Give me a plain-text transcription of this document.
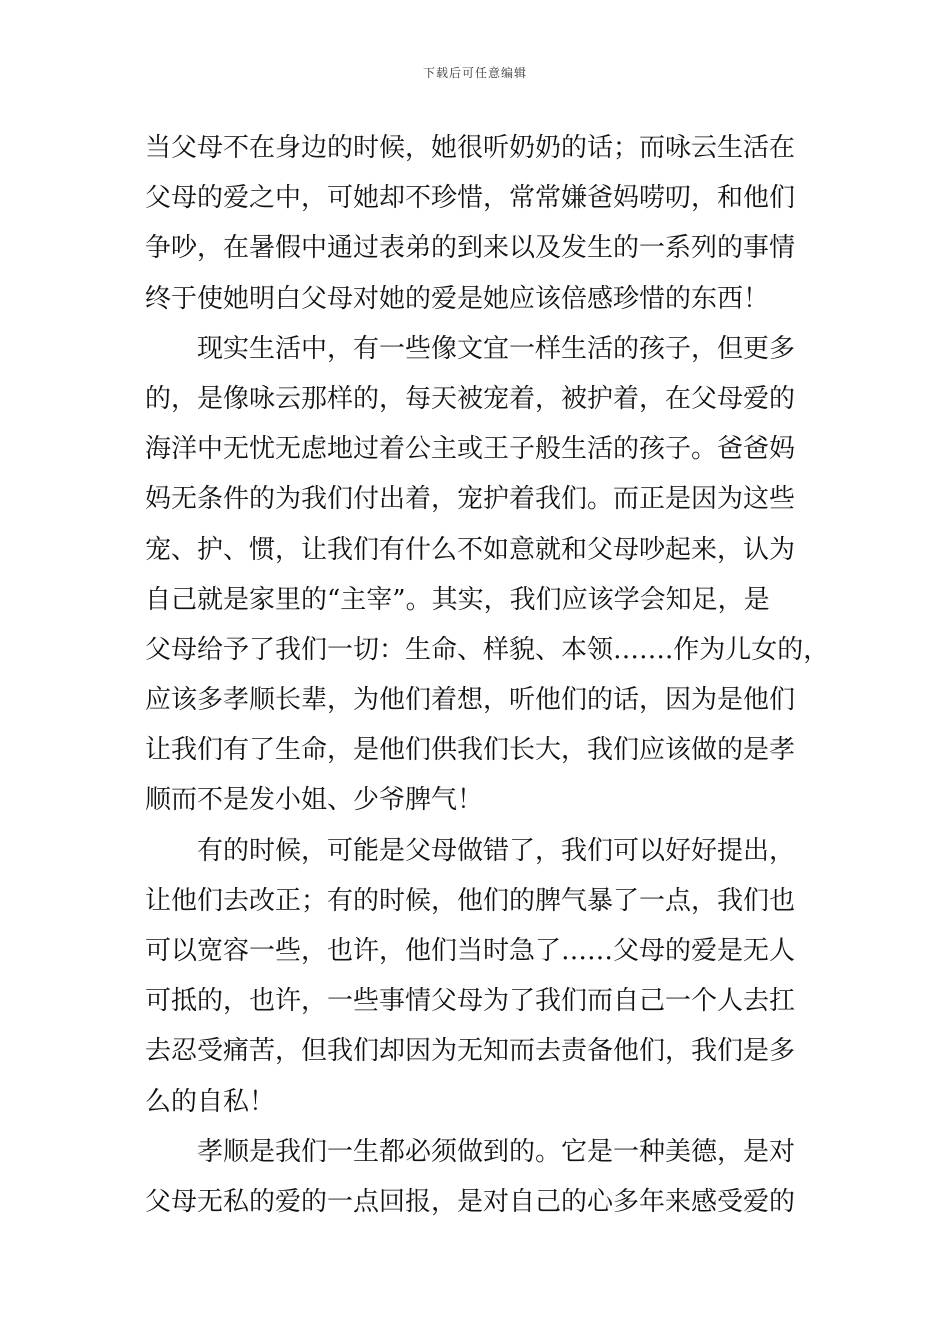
下载后可任意编辑
当父母不在身边的时候，她很听奶奶的话；而咏云生活在
父母的爱之中，可她却不珍惜，常常嫌爸妈唠叨，和他们
争吵，在暑假中通过表弟的到来以及发生的一系列的事情
终于使她明白父母对她的爱是她应该倍感珍惜的东西！
现实生活中，有一些像文宜一样生活的孩子，但更多
的，是像咏云那样的，每天被宠着，被护着，在父母爱的
海洋中无忧无虑地过着公主或王子般生活的孩子。爸爸妈
妈无条件的为我们付出着，宠护着我们。而正是因为这些
宠、护、惯，让我们有什么不如意就和父母吵起来，认为
自己就是家里的“主宰”。其实，我们应该学会知足，是
父母给予了我们一切：生命、样貌、本领…….作为儿女的，
应该多孝顺长辈，为他们着想，听他们的话，因为是他们
让我们有了生命，是他们供我们长大，我们应该做的是孝
顺而不是发小姐、少爷脾气！
有的时候，可能是父母做错了，我们可以好好提出，
让他们去改正；有的时候，他们的脾气暴了一点，我们也
可以宽容一些，也许，他们当时急了……父母的爱是无人
可抵的，也许，一些事情父母为了我们而自己一个人去扛
去忍受痛苦，但我们却因为无知而去责备他们，我们是多
么的自私！
孝顺是我们一生都必须做到的。它是一种美德，是对
父母无私的爱的一点回报，是对自己的心多年来感受爱的
